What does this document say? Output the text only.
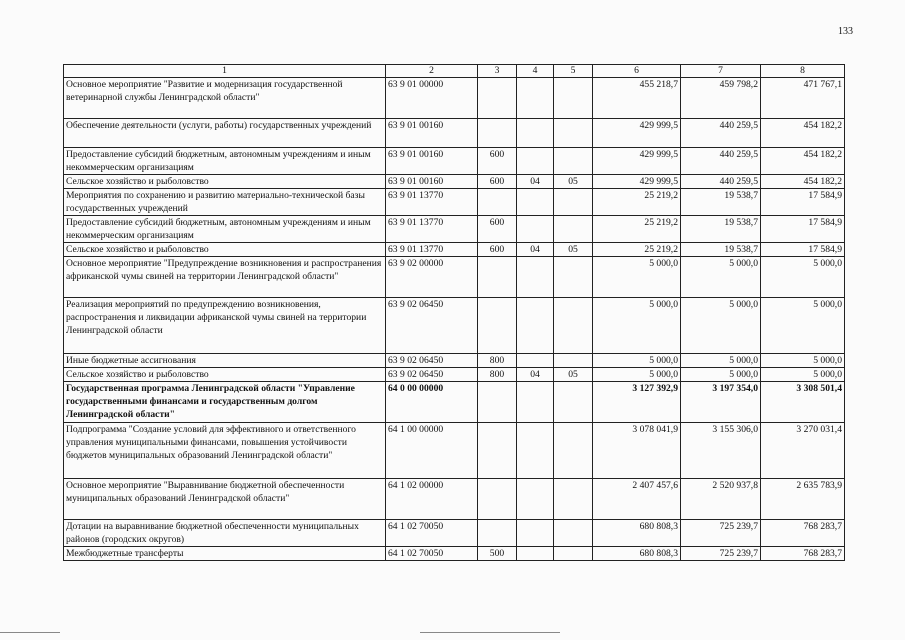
133
1	2	3	4	5	6	7	8
Основное мероприятие "Развитие и модернизация государственной ветеринарной службы Ленинградской области"	63 9 01 00000				455 218,7	459 798,2	471 767,1
Обеспечение деятельности (услуги, работы) государственных учреждений	63 9 01 00160				429 999,5	440 259,5	454 182,2
Предоставление субсидий бюджетным, автономным учреждениям и иным некоммерческим организациям	63 9 01 00160	600			429 999,5	440 259,5	454 182,2
Сельское хозяйство и рыболовство	63 9 01 00160	600	04	05	429 999,5	440 259,5	454 182,2
Мероприятия по сохранению и развитию материально-технической базы государственных учреждений	63 9 01 13770				25 219,2	19 538,7	17 584,9
Предоставление субсидий бюджетным, автономным учреждениям и иным некоммерческим организациям	63 9 01 13770	600			25 219,2	19 538,7	17 584,9
Сельское хозяйство и рыболовство	63 9 01 13770	600	04	05	25 219,2	19 538,7	17 584,9
Основное мероприятие "Предупреждение возникновения и распространения африканской чумы свиней на территории Ленинградской области"	63 9 02 00000				5 000,0	5 000,0	5 000,0
Реализация мероприятий по предупреждению возникновения, распространения и ликвидации африканской чумы свиней на территории Ленинградской области	63 9 02 06450				5 000,0	5 000,0	5 000,0
Иные бюджетные ассигнования	63 9 02 06450	800			5 000,0	5 000,0	5 000,0
Сельское хозяйство и рыболовство	63 9 02 06450	800	04	05	5 000,0	5 000,0	5 000,0
Государственная программа Ленинградской области "Управление государственными финансами и государственным долгом Ленинградской области"	64 0 00 00000				3 127 392,9	3 197 354,0	3 308 501,4
Подпрограмма "Создание условий для эффективного и ответственного управления муниципальными финансами, повышения устойчивости бюджетов муниципальных образований Ленинградской области"	64 1 00 00000				3 078 041,9	3 155 306,0	3 270 031,4
Основное мероприятие "Выравнивание бюджетной обеспеченности муниципальных образований Ленинградской области"	64 1 02 00000				2 407 457,6	2 520 937,8	2 635 783,9
Дотации на выравнивание бюджетной обеспеченности муниципальных районов (городских округов)	64 1 02 70050				680 808,3	725 239,7	768 283,7
Межбюджетные трансферты	64 1 02 70050	500			680 808,3	725 239,7	768 283,7
